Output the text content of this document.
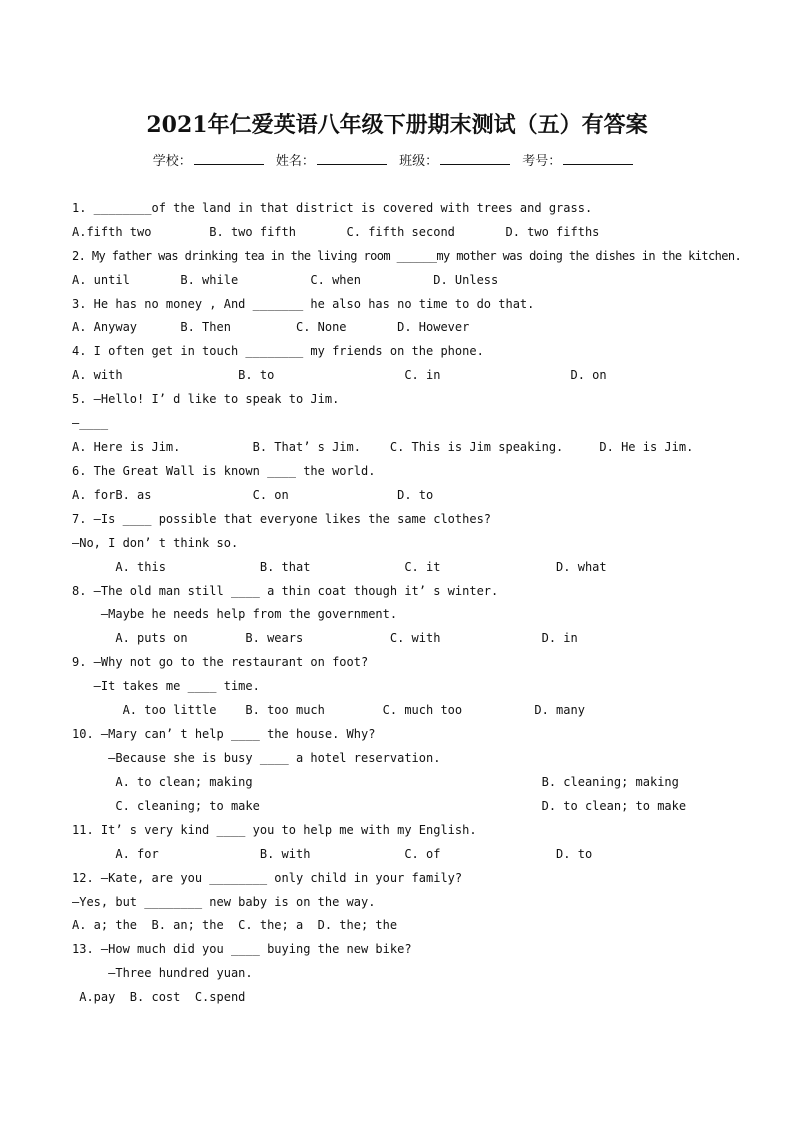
2021年仁爱英语八年级下册期末测试（五）有答案
学校：	姓名：	班级：	考号：
1. ________of the land in that district is covered with trees and grass.
A.fifth two        B. two fifth       C. fifth second       D. two fifths
2. My father was drinking tea in the living room ______my mother was doing the dishes in the kitchen.
A. until       B. while          C. when          D. Unless
3. He has no money , And _______ he also has no time to do that.
A. Anyway      B. Then         C. None       D. However
4. I often get in touch ________ my friends on the phone.
A. with                B. to                  C. in                  D. on
5. —Hello! I’ d like to speak to Jim.
—____
A. Here is Jim.          B. That’ s Jim.    C. This is Jim speaking.     D. He is Jim.
6. The Great Wall is known ____ the world.
A. forB. as              C. on               D. to
7. —Is ____ possible that everyone likes the same clothes?
—No, I don’ t think so.
A. this             B. that             C. it                D. what
8. —The old man still ____ a thin coat though it’ s winter.
—Maybe he needs help from the government.
A. puts on        B. wears            C. with              D. in
9. —Why not go to the restaurant on foot?
—It takes me ____ time.
A. too little    B. too much        C. much too          D. many
10. —Mary can’ t help ____ the house. Why?
—Because she is busy ____ a hotel reservation.
A. to clean; making                                        B. cleaning; making
C. cleaning; to make                                       D. to clean; to make
11. It’ s very kind ____ you to help me with my English.
A. for              B. with             C. of                D. to
12. —Kate, are you ________ only child in your family?
—Yes, but ________ new baby is on the way.
A. a; the  B. an; the  C. the; a  D. the; the
13. —How much did you ____ buying the new bike?
—Three hundred yuan.
A.pay  B. cost  C.spend
